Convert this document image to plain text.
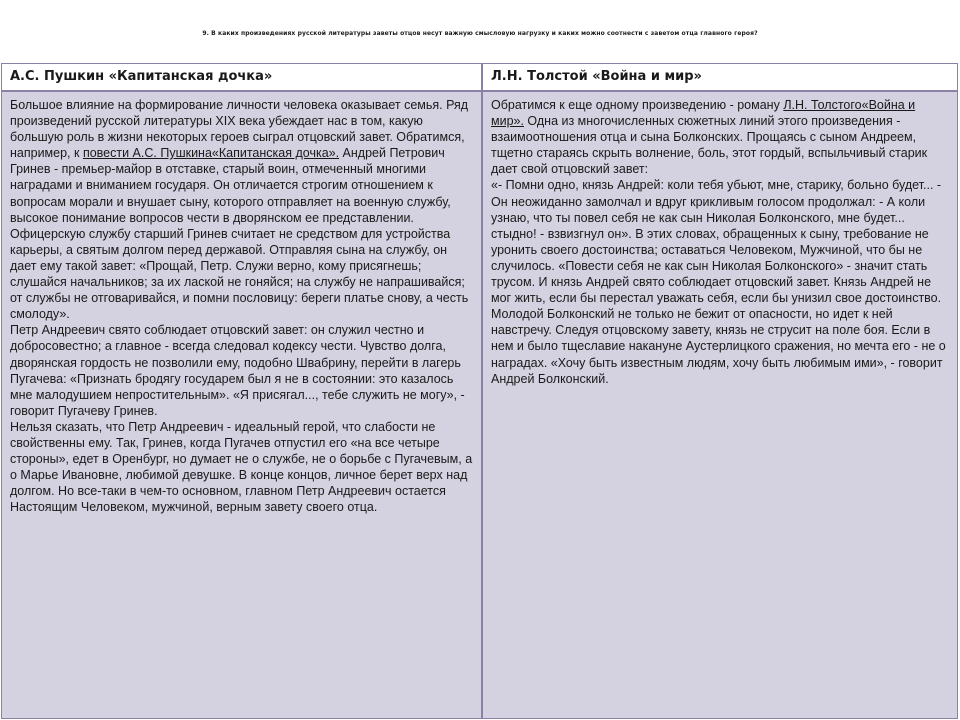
9. В каких произведениях русской литературы заветы отцов несут важную смысловую нагрузку и каких можно соотнести с заветом отца главного героя?
А.С. Пушкин «Капитанская дочка»	Л.Н. Толстой «Война и мир»

Большое влияние на формирование личности человека оказывает семья. Ряд произведений русской литературы XIX века убеждает нас в том, какую большую роль в жизни некоторых героев сыграл отцовский завет. Обратимся, например, к повести А.С. Пушкина«Капитанская дочка». Андрей Петрович Гринев - премьер-майор в отставке, старый воин, отмеченный многими наградами и вниманием государя. Он отличается строгим отношением к вопросам морали и внушает сыну, которого отправляет на военную службу, высокое понимание вопросов чести в дворянском ее представлении. Офицерскую службу старший Гринев считает не средством для устройства карьеры, а святым долгом перед державой. Отправляя сына на службу, он дает ему такой завет: «Прощай, Петр. Служи верно, кому присягнешь; слушайся начальников; за их лаской не гоняйся; на службу не напрашивайся; от службы не отговаривайся, и помни пословицу: береги платье снову, а честь смолоду».

Петр Андреевич свято соблюдает отцовский завет: он служил честно и добросовестно; а главное - всегда следовал кодексу чести. Чувство долга, дворянская гордость не позволили ему, подобно Швабрину, перейти в лагерь Пугачева: «Признать бродягу государем был я не в состоянии: это казалось мне малодушием непростительным». «Я присягал..., тебе служить не могу», - говорит Пугачеву Гринев.

Нельзя сказать, что Петр Андреевич - идеальный герой, что слабости не свойственны ему. Так, Гринев, когда Пугачев отпустил его «на все четыре стороны», едет в Оренбург, но думает не о службе, не о борьбе с Пугачевым, а о Марье Ивановне, любимой девушке. В конце концов, личное берет верх над долгом. Но все-таки в чем-то основном, главном Петр Андреевич остается Настоящим Человеком, мужчиной, верным завету своего отца.

Обратимся к еще одному произведению - роману Л.Н. Толстого«Война и мир». Одна из многочисленных сюжетных линий этого произведения - взаимоотношения отца и сына Болконских. Прощаясь с сыном Андреем, тщетно стараясь скрыть волнение, боль, этот гордый, вспыльчивый старик дает свой отцовский завет:

«- Помни одно, князь Андрей: коли тебя убьют, мне, старику, больно будет... - Он неожиданно замолчал и вдруг крикливым голосом продолжал: - А коли узнаю, что ты повел себя не как сын Николая Болконского, мне будет... стыдно! - взвизгнул он». В этих словах, обращенных к сыну, требование не уронить своего достоинства; оставаться Человеком, Мужчиной, что бы не случилось. «Повести себя не как сын Николая Болконского» - значит стать трусом. И князь Андрей свято соблюдает отцовский завет. Князь Андрей не мог жить, если бы перестал уважать себя, если бы унизил свое достоинство.

Молодой Болконский не только не бежит от опасности, но идет к ней навстречу. Следуя отцовскому завету, князь не струсит на поле боя. Если в нем и было тщеславие накануне Аустерлицкого сражения, но мечта его - не о наградах. «Хочу быть известным людям, хочу быть любимым ими», - говорит Андрей Болконский.
